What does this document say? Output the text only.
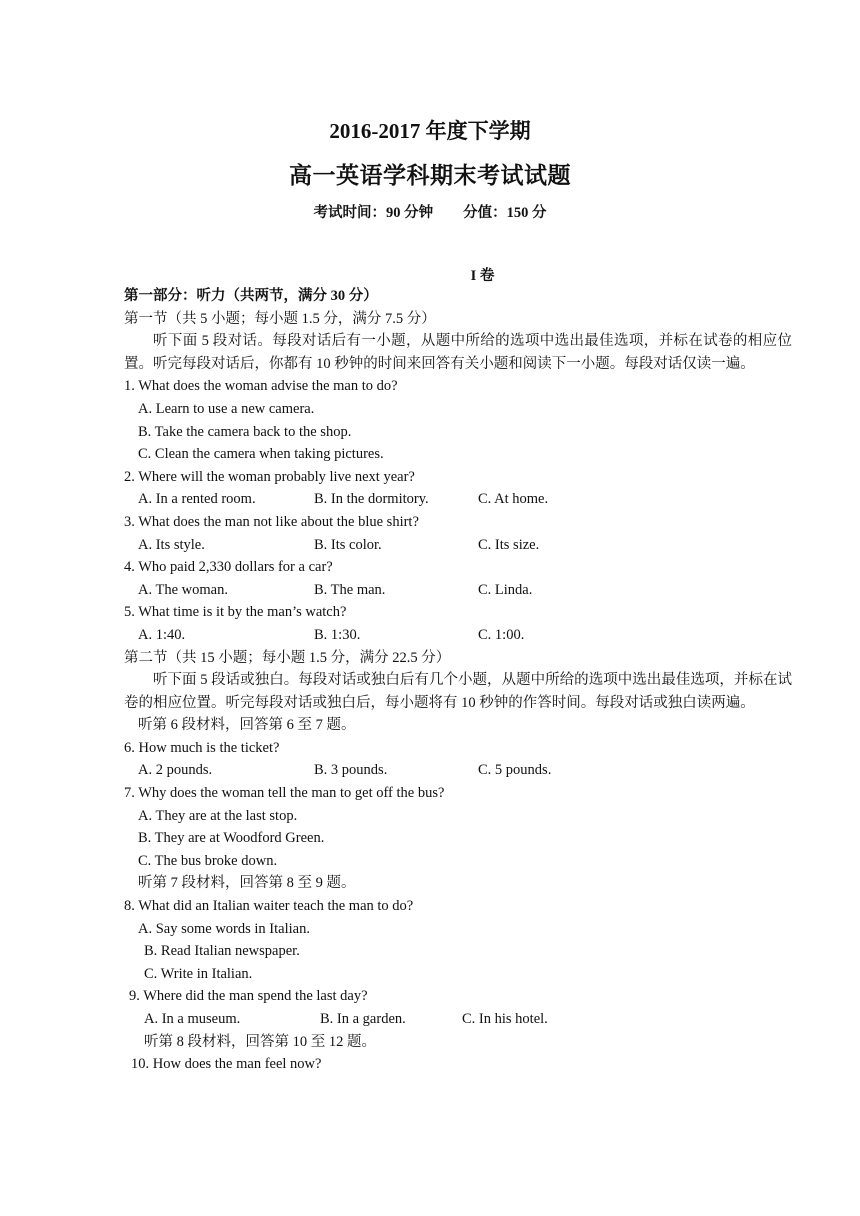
2016-2017 年度下学期
高一英语学科期末考试试题
考试时间：90 分钟 分值：150 分
I 卷
第一部分：听力（共两节，满分 30 分）
第一节（共 5 小题；每小题 1.5 分，满分 7.5 分）
听下面 5 段对话。每段对话后有一小题，从题中所给的选项中选出最佳选项，并标在试卷的相应位置。听完每段对话后，你都有 10 秒钟的时间来回答有关小题和阅读下一小题。每段对话仅读一遍。
1. What does the woman advise the man to do?
A. Learn to use a new camera.
B. Take the camera back to the shop.
C. Clean the camera when taking pictures.
2. Where will the woman probably live next year?
A. In a rented room.	B. In the dormitory.	C. At home.
3. What does the man not like about the blue shirt?
A. Its style.	B. Its color.	C. Its size.
4. Who paid 2,330 dollars for a car?
A. The woman.	B. The man.	C. Linda.
5. What time is it by the man’s watch?
A. 1:40.	B. 1:30.	C. 1:00.
第二节（共 15 小题；每小题 1.5 分，满分 22.5 分）
听下面 5 段话或独白。每段对话或独白后有几个小题，从题中所给的选项中选出最佳选项，并标在试卷的相应位置。听完每段对话或独白后，每小题将有 10 秒钟的作答时间。每段对话或独白读两遍。
听第 6 段材料，回答第 6 至 7 题。
6. How much is the ticket?
A. 2 pounds.	B. 3 pounds.	C. 5 pounds.
7. Why does the woman tell the man to get off the bus?
A. They are at the last stop.
B. They are at Woodford Green.
C. The bus broke down.
听第 7 段材料，回答第 8 至 9 题。
8. What did an Italian waiter teach the man to do?
A. Say some words in Italian.
B. Read Italian newspaper.
C. Write in Italian.
9. Where did the man spend the last day?
A. In a museum.	B. In a garden.	C. In his hotel.
听第 8 段材料，回答第 10 至 12 题。
10. How does the man feel now?
